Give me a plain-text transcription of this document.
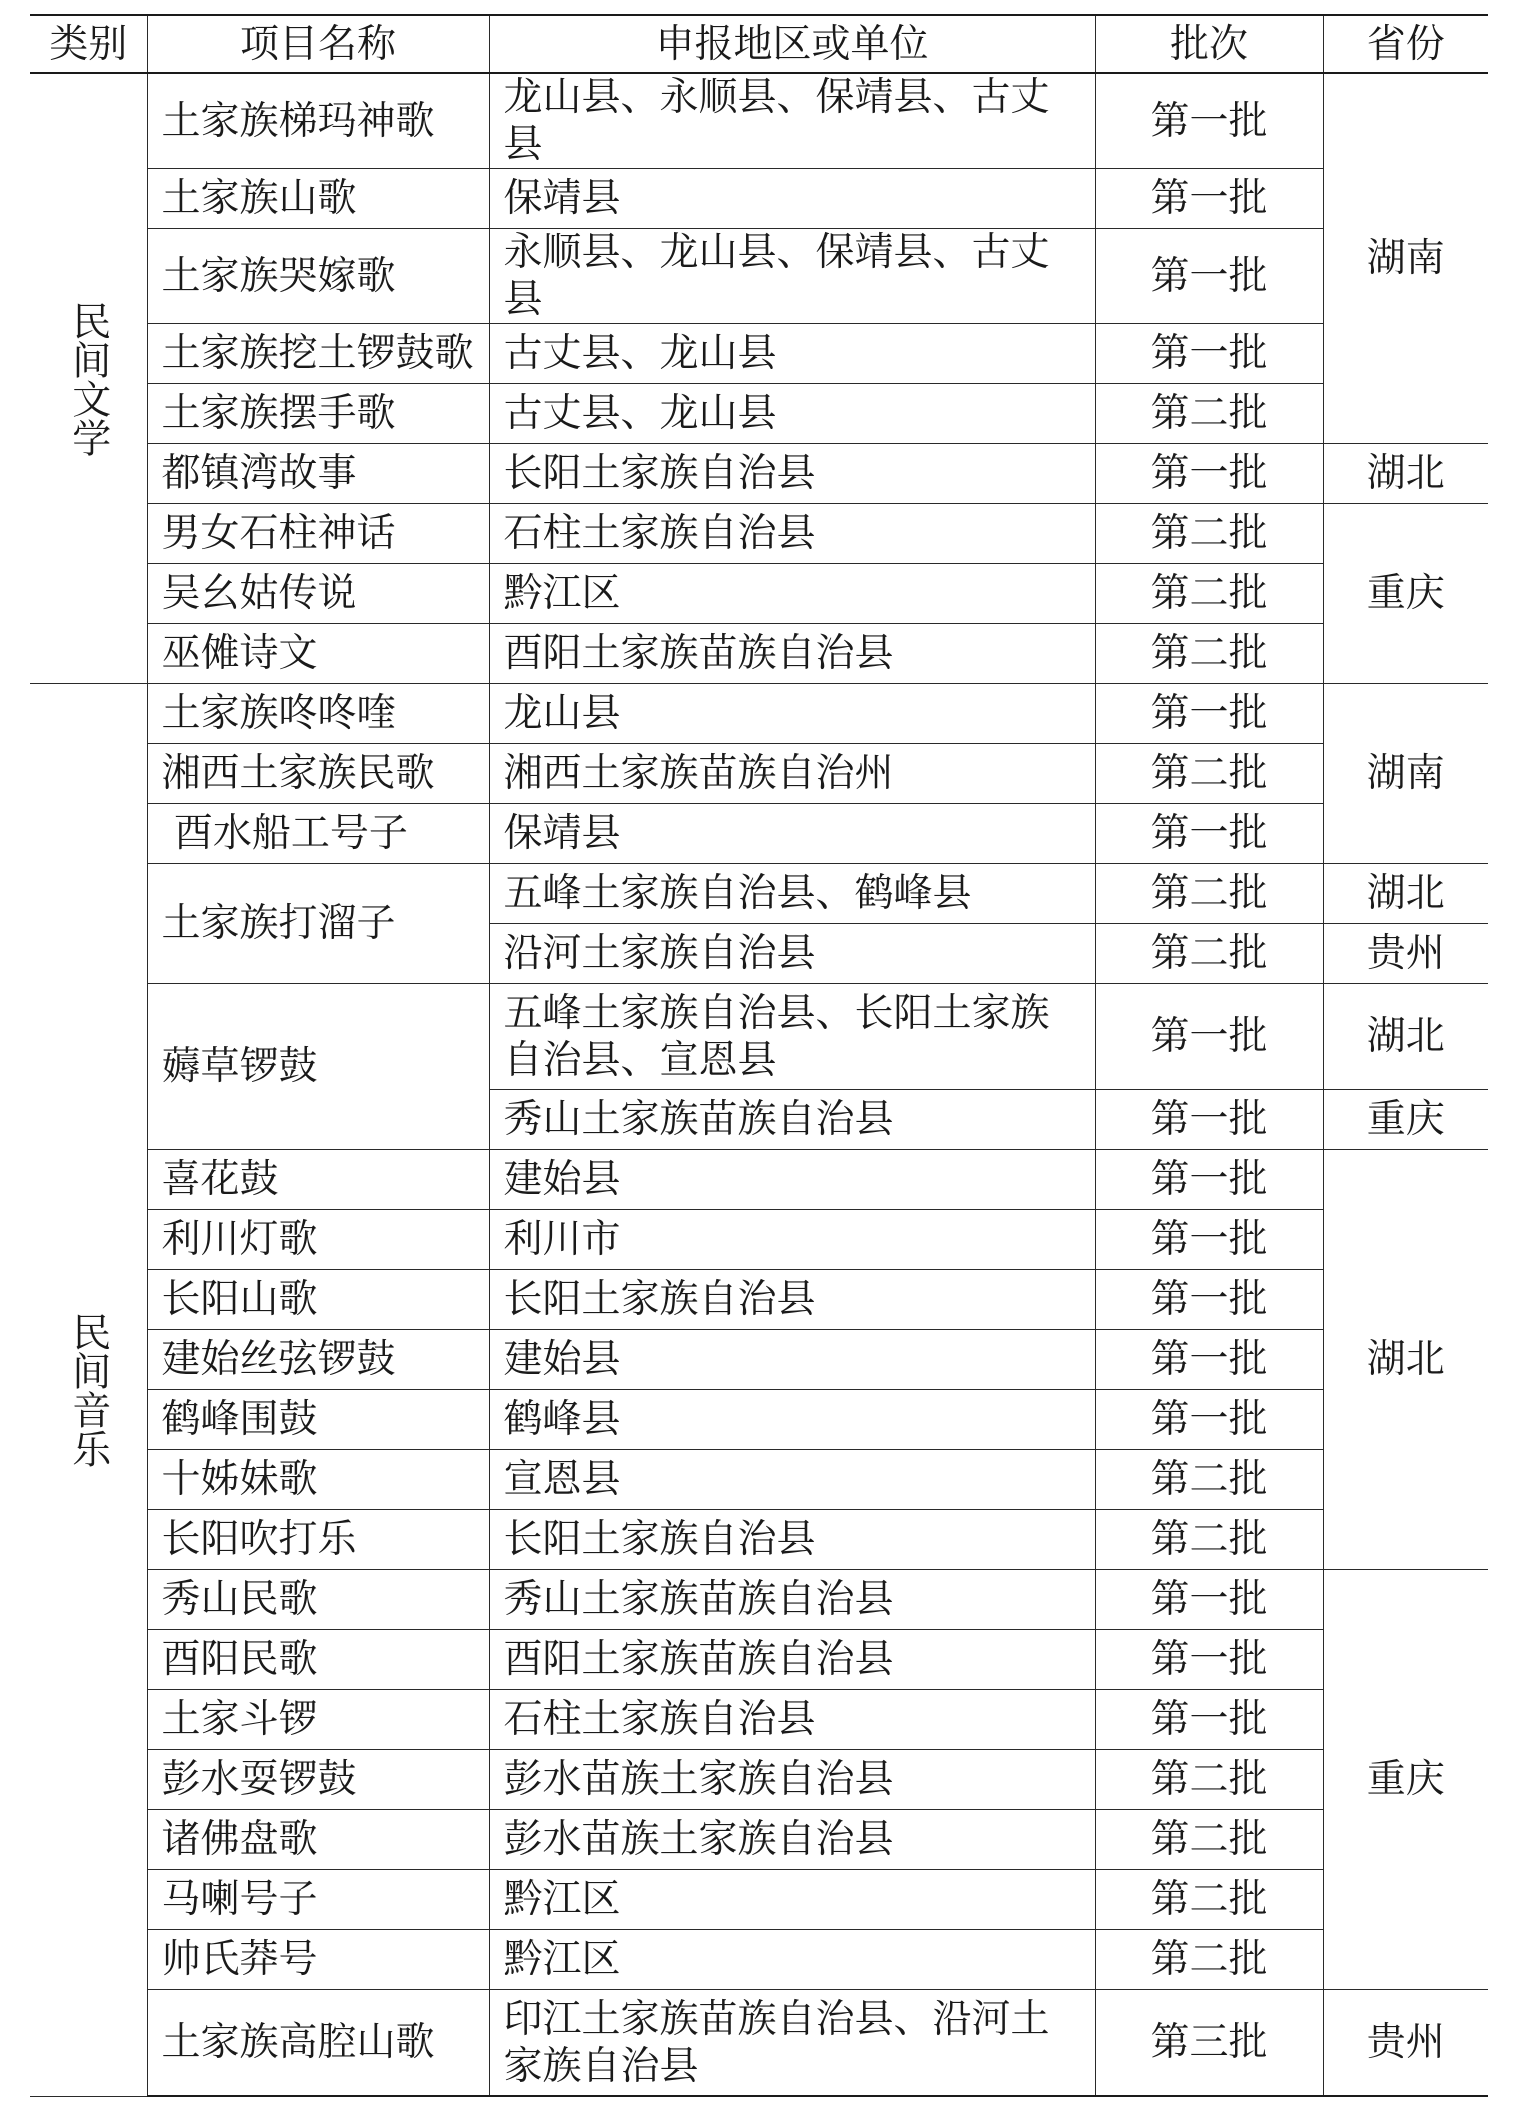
类别	项目名称	申报地区或单位	批次	省份
民间文学	土家族梯玛神歌	龙山县、永顺县、保靖县、古丈县	第一批	湖南
	土家族山歌	保靖县	第一批	
	土家族哭嫁歌	永顺县、龙山县、保靖县、古丈县	第一批	
	土家族挖土锣鼓歌	古丈县、龙山县	第一批	
	土家族摆手歌	古丈县、龙山县	第二批	
	都镇湾故事	长阳土家族自治县	第一批	湖北
	男女石柱神话	石柱土家族自治县	第二批	重庆
	吴幺姑传说	黔江区	第二批	
	巫傩诗文	酉阳土家族苗族自治县	第二批	
民间音乐	土家族咚咚喹	龙山县	第一批	湖南
	湘西土家族民歌	湘西土家族苗族自治州	第二批	
	酉水船工号子	保靖县	第一批	
	土家族打溜子	五峰土家族自治县、鹤峰县	第二批	湖北
		沿河土家族自治县	第二批	贵州
	薅草锣鼓	五峰土家族自治县、长阳土家族自治县、宣恩县	第一批	湖北
		秀山土家族苗族自治县	第一批	重庆
	喜花鼓	建始县	第一批	湖北
	利川灯歌	利川市	第一批	
	长阳山歌	长阳土家族自治县	第一批	
	建始丝弦锣鼓	建始县	第一批	
	鹤峰围鼓	鹤峰县	第一批	
	十姊妹歌	宣恩县	第二批	
	长阳吹打乐	长阳土家族自治县	第二批	
	秀山民歌	秀山土家族苗族自治县	第一批	重庆
	酉阳民歌	酉阳土家族苗族自治县	第一批	
	土家斗锣	石柱土家族自治县	第一批	
	彭水耍锣鼓	彭水苗族土家族自治县	第二批	
	诸佛盘歌	彭水苗族土家族自治县	第二批	
	马喇号子	黔江区	第二批	
	帅氏莽号	黔江区	第二批	
	土家族高腔山歌	印江土家族苗族自治县、沿河土家族自治县	第三批	贵州
